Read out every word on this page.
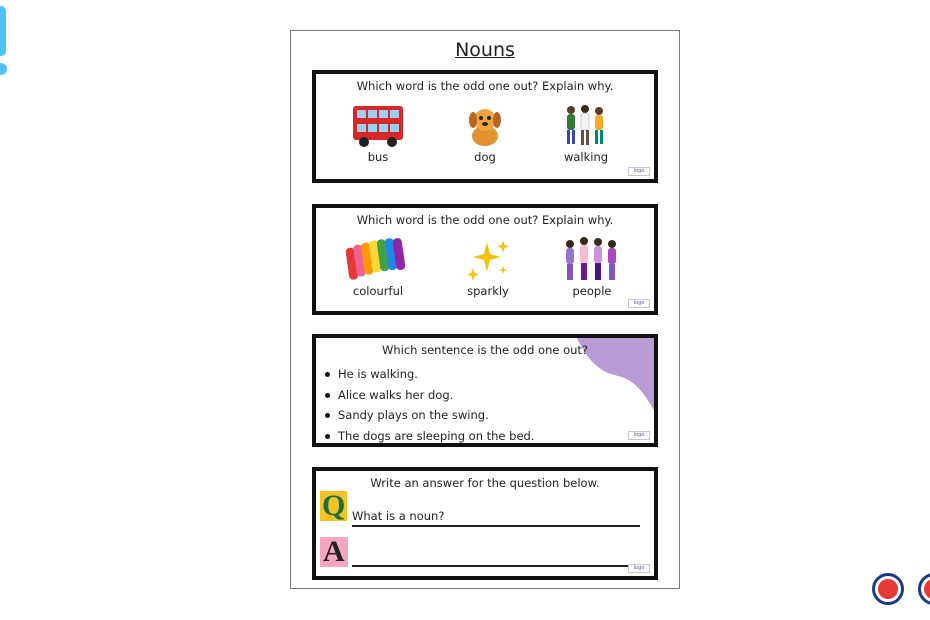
Nouns
Which word is the odd one out? Explain why.
bus	dog	walking
logo
Which word is the odd one out? Explain why.
colourful	sparkly	people
logo
Which sentence is the odd one out?
He is walking.
Alice walks her dog.
Sandy plays on the swing.
The dogs are sleeping on the bed.	logo
Write an answer for the question below.
Q What is a noun?
A	logo
